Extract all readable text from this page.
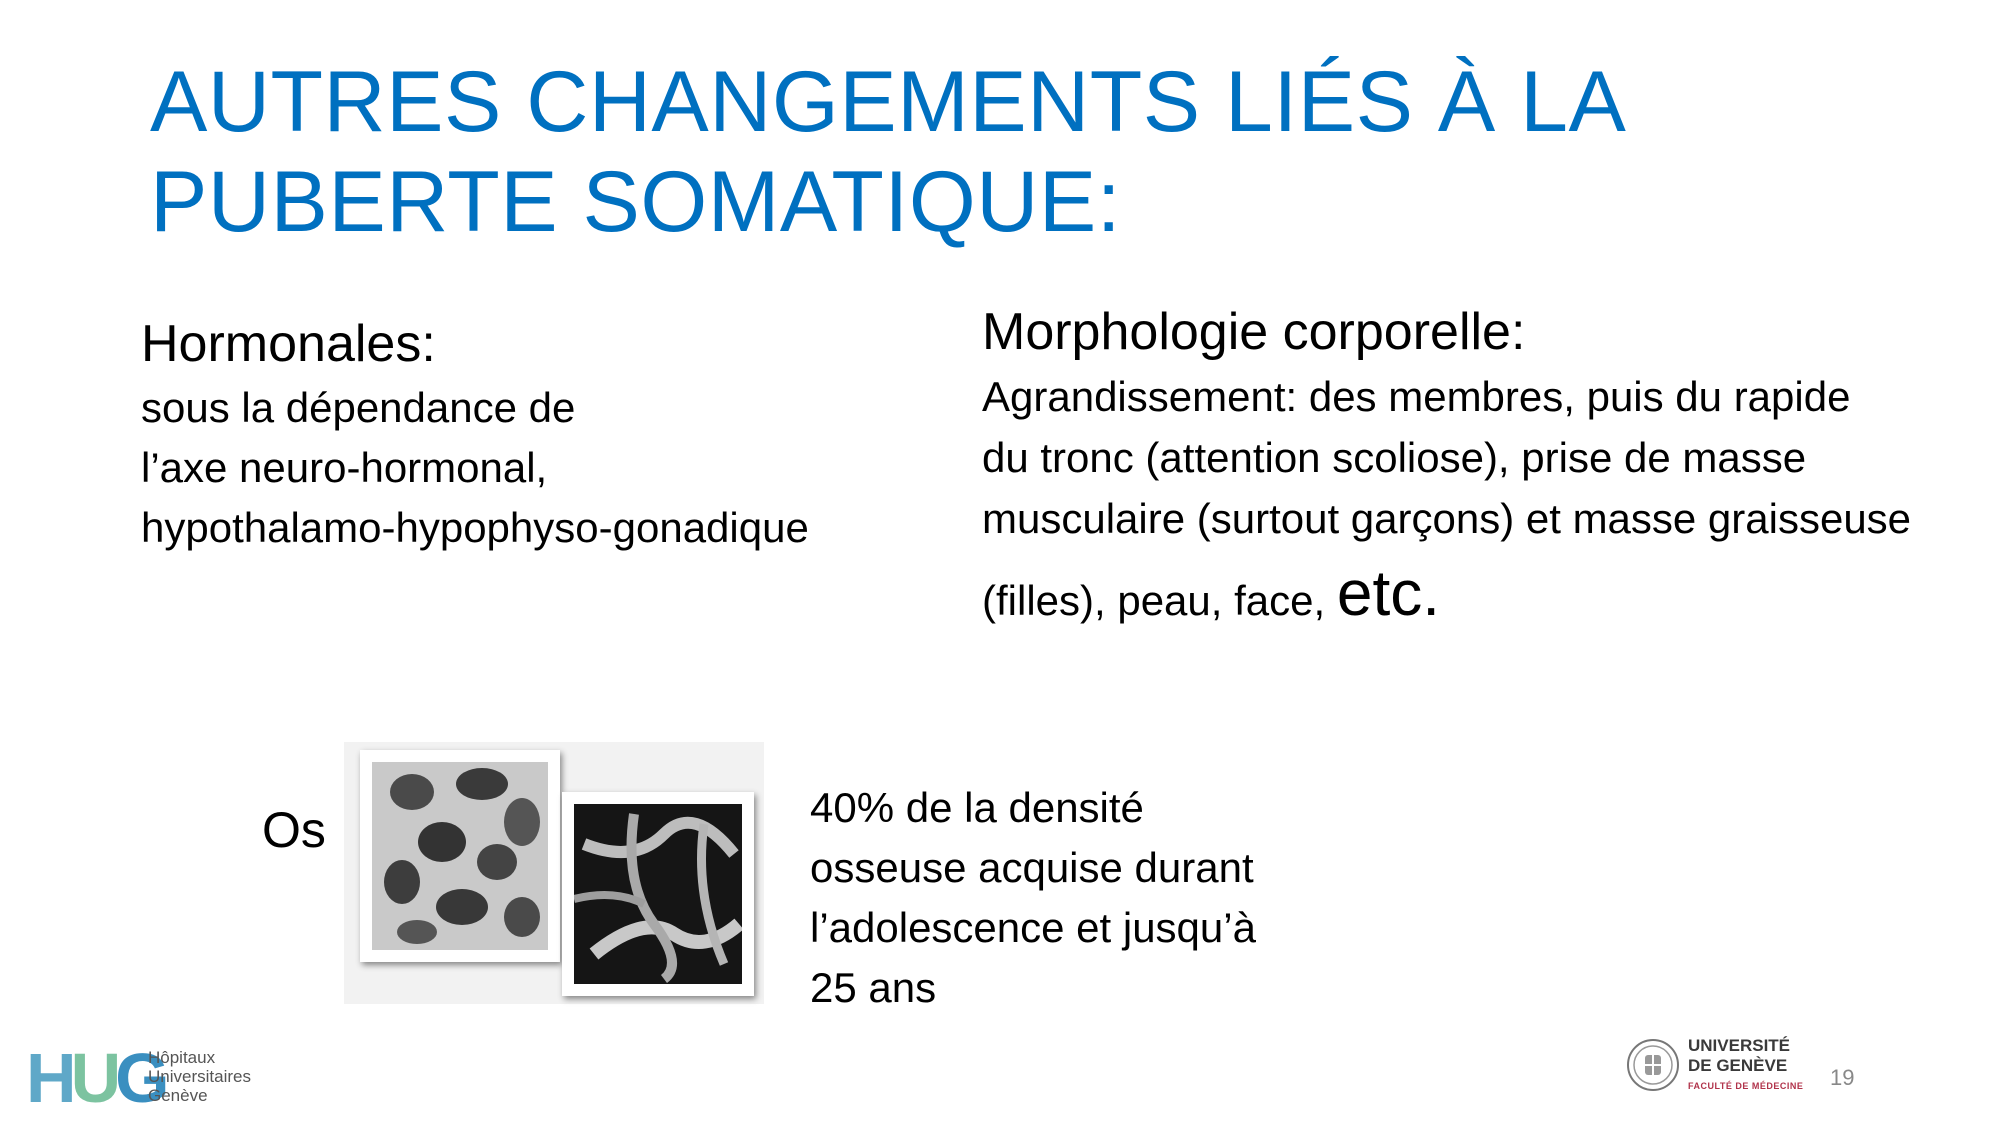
AUTRES CHANGEMENTS LIÉS À LA PUBERTE SOMATIQUE:
Hormonales:
sous la dépendance de
l’axe neuro-hormonal,
hypothalamo-hypophyso-gonadique
Morphologie corporelle:
Agrandissement: des membres, puis du rapide
du tronc (attention scoliose), prise de masse
musculaire (surtout garçons) et masse graisseuse
(filles), peau, face, etc.
Os	40% de la densité
osseuse acquise durant
l’adolescence et jusqu’à
25 ans
HUG
Hôpitaux
Universitaires
Genève
UNIVERSITÉ
DE GENÈVE
FACULTÉ DE MÉDECINE 19
